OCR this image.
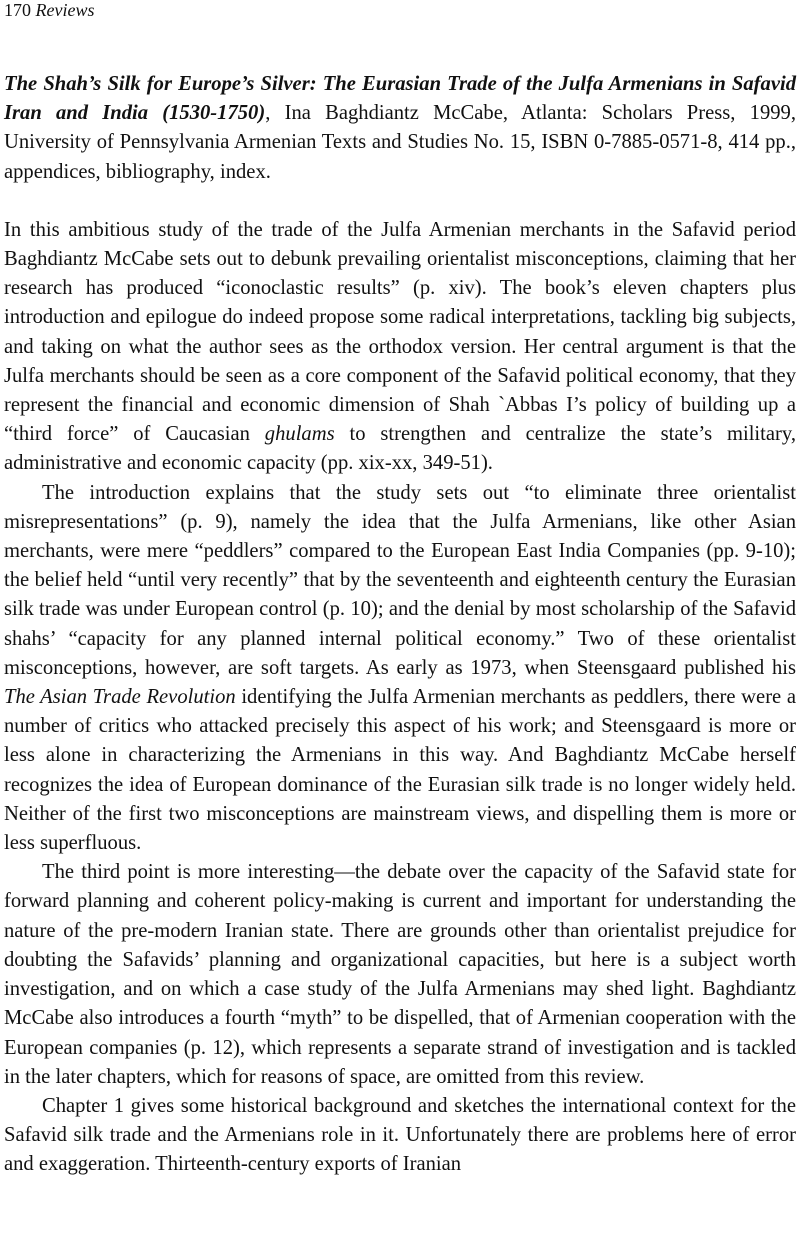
170 Reviews
The Shah’s Silk for Europe’s Silver: The Eurasian Trade of the Julfa Armenians in Safavid Iran and India (1530-1750), Ina Baghdiantz McCabe, Atlanta: Scholars Press, 1999, University of Pennsylvania Armenian Texts and Studies No. 15, ISBN 0-7885-0571-8, 414 pp., appendices, bibliography, index.

In this ambitious study of the trade of the Julfa Armenian merchants in the Safavid period Baghdiantz McCabe sets out to debunk prevailing orientalist misconceptions, claiming that her research has produced “iconoclastic results” (p. xiv). The book’s eleven chapters plus introduction and epilogue do indeed propose some radical interpretations, tackling big subjects, and taking on what the author sees as the orthodox version. Her central argument is that the Julfa merchants should be seen as a core component of the Safavid political economy, that they represent the financial and economic dimension of Shah `Abbas I’s policy of building up a “third force” of Caucasian ghulams to strengthen and centralize the state’s military, administrative and economic capacity (pp. xix-xx, 349-51).

The introduction explains that the study sets out “to eliminate three orientalist misrepresentations” (p. 9), namely the idea that the Julfa Armenians, like other Asian merchants, were mere “peddlers” compared to the European East India Companies (pp. 9-10); the belief held “until very recently” that by the seventeenth and eighteenth century the Eurasian silk trade was under European control (p. 10); and the denial by most scholarship of the Safavid shahs’ “capacity for any planned internal political economy.” Two of these orientalist misconceptions, however, are soft targets. As early as 1973, when Steensgaard published his The Asian Trade Revolution identifying the Julfa Armenian merchants as peddlers, there were a number of critics who attacked precisely this aspect of his work; and Steensgaard is more or less alone in characterizing the Armenians in this way. And Baghdiantz McCabe herself recognizes the idea of European dominance of the Eurasian silk trade is no longer widely held. Neither of the first two misconceptions are mainstream views, and dispelling them is more or less superfluous.

The third point is more interesting—the debate over the capacity of the Safavid state for forward planning and coherent policy-making is current and important for understanding the nature of the pre-modern Iranian state. There are grounds other than orientalist prejudice for doubting the Safavids’ planning and organizational capacities, but here is a subject worth investigation, and on which a case study of the Julfa Armenians may shed light. Baghdiantz McCabe also introduces a fourth “myth” to be dispelled, that of Armenian cooperation with the European companies (p. 12), which represents a separate strand of investigation and is tackled in the later chapters, which for reasons of space, are omitted from this review.

Chapter 1 gives some historical background and sketches the international context for the Safavid silk trade and the Armenians role in it. Unfortunately there are problems here of error and exaggeration. Thirteenth-century exports of Iranian
